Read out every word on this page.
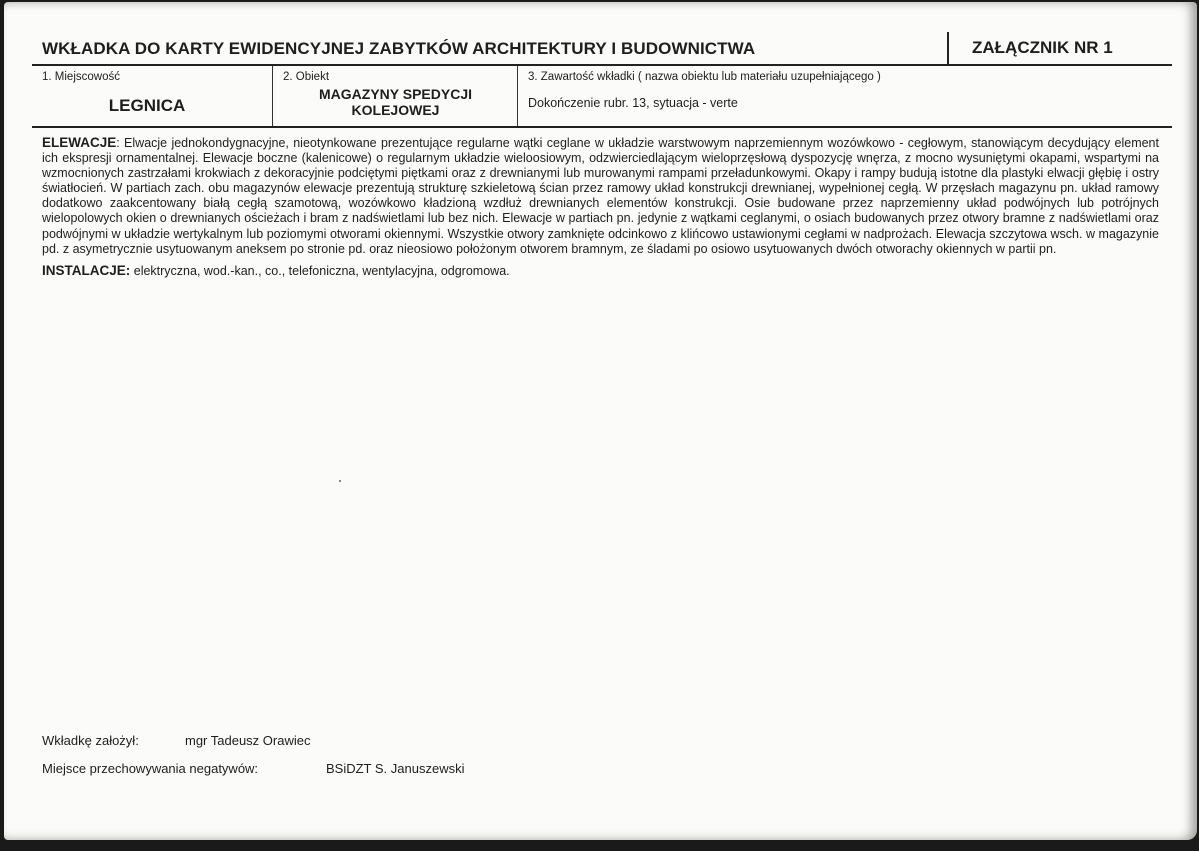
WKŁADKA DO KARTY EWIDENCYJNEJ ZABYTKÓW ARCHITEKTURY I BUDOWNICTWA	ZAŁĄCZNIK NR 1
1. Miejscowość
LEGNICA
2. Obiekt
MAGAZYNY SPEDYCJI
KOLEJOWEJ
3. Zawartość wkładki ( nazwa obiektu lub materiału uzupełniającego )
Dokończenie rubr. 13, sytuacja - verte

ELEWACJE: Elwacje jednokondygnacyjne, nieotynkowane prezentujące regularne wątki ceglane w układzie warstwowym naprzemiennym wozówkowo - cegłowym, stanowiącym decydujący element ich ekspresji ornamentalnej. Elewacje boczne (kalenicowe) o regularnym układzie wieloosiowym, odzwierciedlającym wieloprzęsłową dyspozycję wnęrza, z mocno wysuniętymi okapami, wspartymi na wzmocnionych zastrzałami krokwiach z dekoracyjnie podciętymi piętkami oraz z drewnianymi lub murowanymi rampami przeładunkowymi. Okapy i rampy budują istotne dla plastyki elwacji głębię i ostry światłocień. W partiach zach. obu magazynów elewacje prezentują strukturę szkieletową ścian przez ramowy układ konstrukcji drewnianej, wypełnionej cegłą. W przęsłach magazynu pn. układ ramowy dodatkowo zaakcentowany białą cegłą szamotową, wozówkowo kładzioną wzdłuż drewnianych elementów konstrukcji. Osie budowane przez naprzemienny układ podwójnych lub potrójnych wielopolowych okien o drewnianych ościeżach i bram z nadświetlami lub bez nich. Elewacje w partiach pn. jedynie z wątkami ceglanymi, o osiach budowanych przez otwory bramne z nadświetlami oraz podwójnymi w układzie wertykalnym lub poziomymi otworami okiennymi. Wszystkie otwory zamknięte odcinkowo z klińcowo ustawionymi cegłami w nadprożach. Elewacja szczytowa wsch. w magazynie pd. z asymetrycznie usytuowanym aneksem po stronie pd. oraz nieosiowo położonym otworem bramnym, ze śladami po osiowo usytuowanych dwóch otworachy okiennych w partii pn.

INSTALACJE: elektryczna, wod.-kan., co., telefoniczna, wentylacyjna, odgromowa.

Wkładkę założył:	mgr Tadeusz Orawiec
Miejsce przechowywania negatywów:	BSiDZT S. Januszewski
